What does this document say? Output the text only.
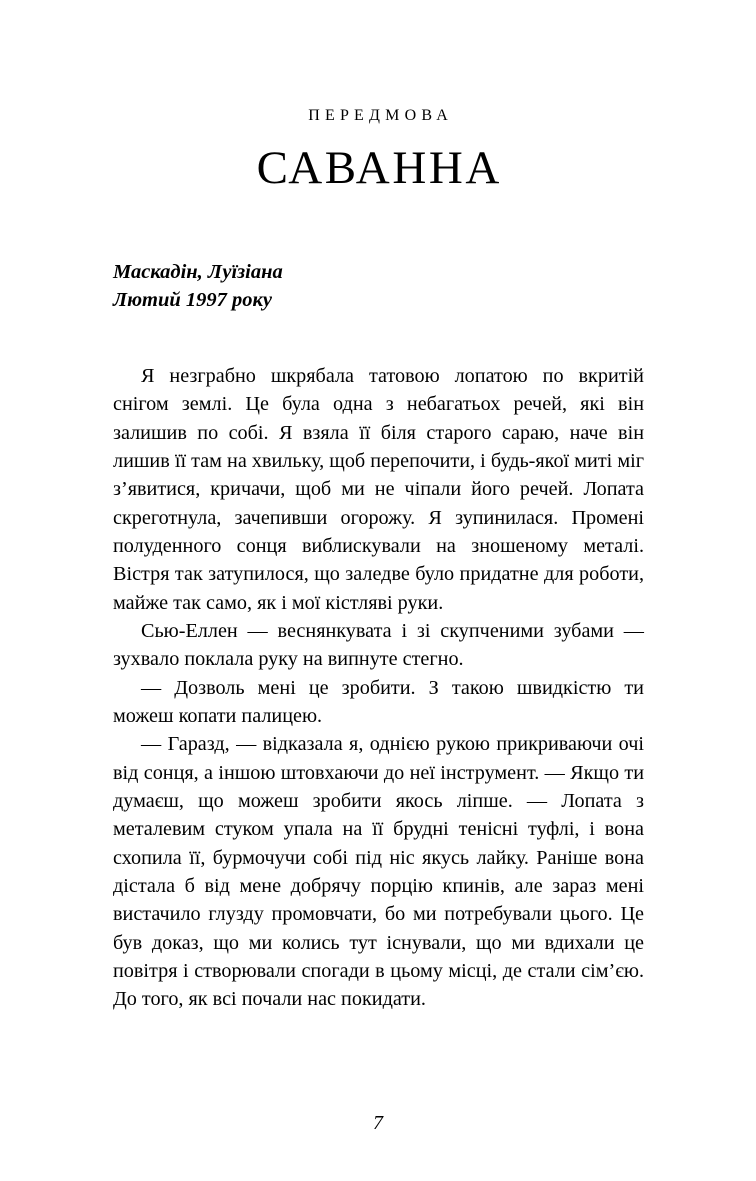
ПЕРЕДМОВА
САВАННА
Маскадін, Луїзіана
Лютий 1997 року

Я незграбно шкрябала татовою лопатою по вкритій снігом землі. Це була одна з небагатьох речей, які він залишив по собі. Я взяла її біля старого сараю, наче він лишив її там на хвильку, щоб перепочити, і будь-якої миті міг з’явитися, кричачи, щоб ми не чіпали його речей. Лопата скреготнула, зачепивши огорожу. Я зупинилася. Промені полуденного сонця виблискували на зношеному металі. Вістря так затупилося, що заледве було придатне для роботи, майже так само, як і мої кістляві руки.

Сью-Еллен — веснянкувата і зі скупченими зубами — зухвало поклала руку на випнуте стегно.

— Дозволь мені це зробити. З такою швидкістю ти можеш копати палицею.

— Гаразд, — відказала я, однією рукою прикриваючи очі від сонця, а іншою штовхаючи до неї інструмент. — Якщо ти думаєш, що можеш зробити якось ліпше. — Лопата з металевим стуком упала на її брудні тенісні туфлі, і вона схопила її, бурмочучи собі під ніс якусь лайку. Раніше вона дістала б від мене добрячу порцію кпинів, але зараз мені вистачило глузду промовчати, бо ми потребували цього. Це був доказ, що ми колись тут існували, що ми вдихали це повітря і створювали спогади в цьому місці, де стали сім’єю. До того, як всі почали нас покидати.

7
